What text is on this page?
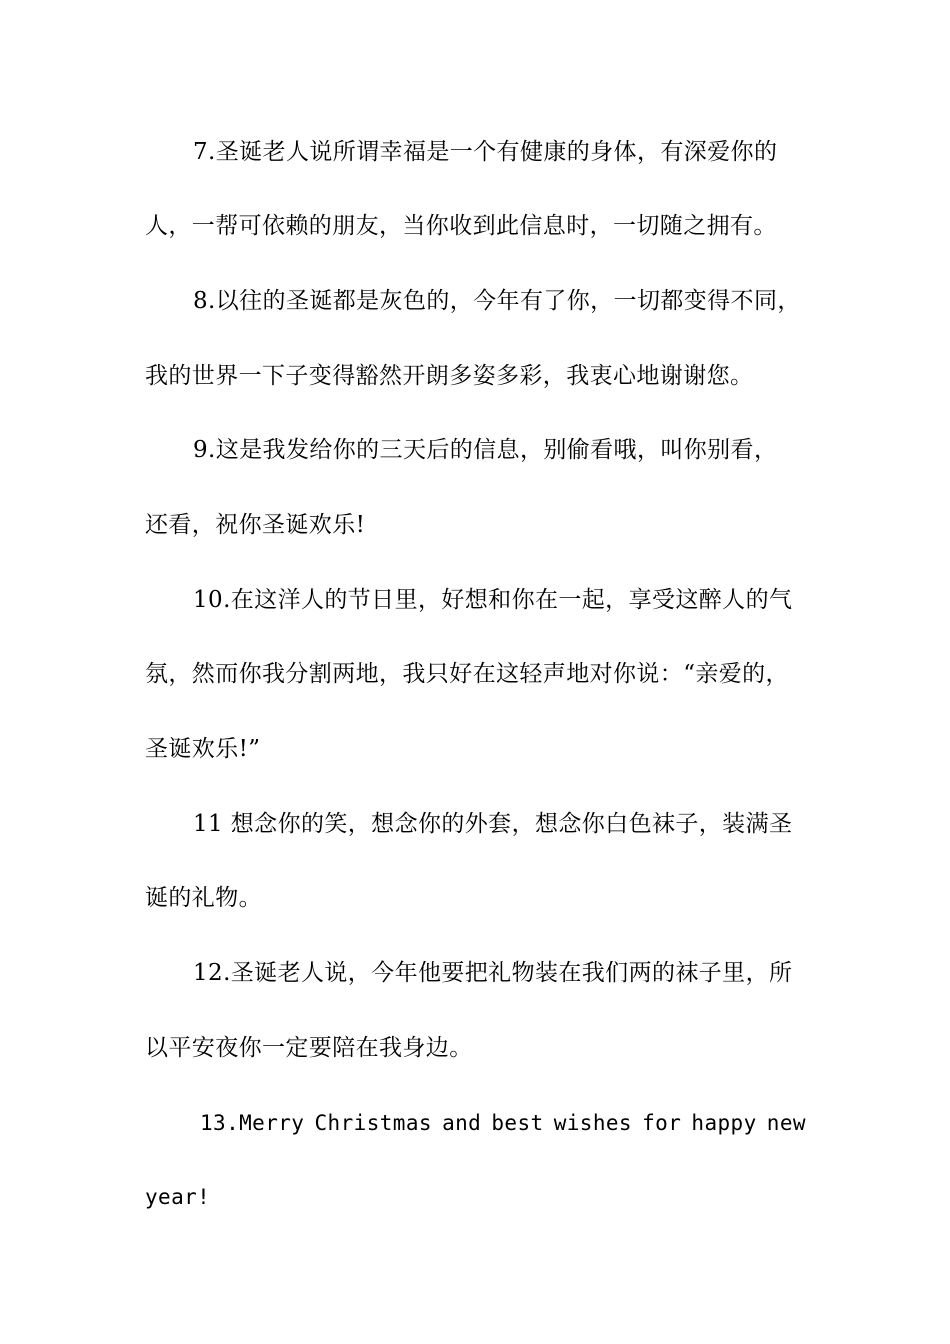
7.圣诞老人说所谓幸福是一个有健康的身体，有深爱你的
人，一帮可依赖的朋友，当你收到此信息时，一切随之拥有。
8.以往的圣诞都是灰色的，今年有了你，一切都变得不同，
我的世界一下子变得豁然开朗多姿多彩，我衷心地谢谢您。
9.这是我发给你的三天后的信息，别偷看哦，叫你别看，
还看，祝你圣诞欢乐!
10.在这洋人的节日里，好想和你在一起，享受这醉人的气
氛，然而你我分割两地，我只好在这轻声地对你说：“亲爱的，
圣诞欢乐!”
11 想念你的笑，想念你的外套，想念你白色袜子，装满圣
诞的礼物。
12.圣诞老人说，今年他要把礼物装在我们两的袜子里，所
以平安夜你一定要陪在我身边。
13.Merry Christmas and best wishes for happy new
year!
